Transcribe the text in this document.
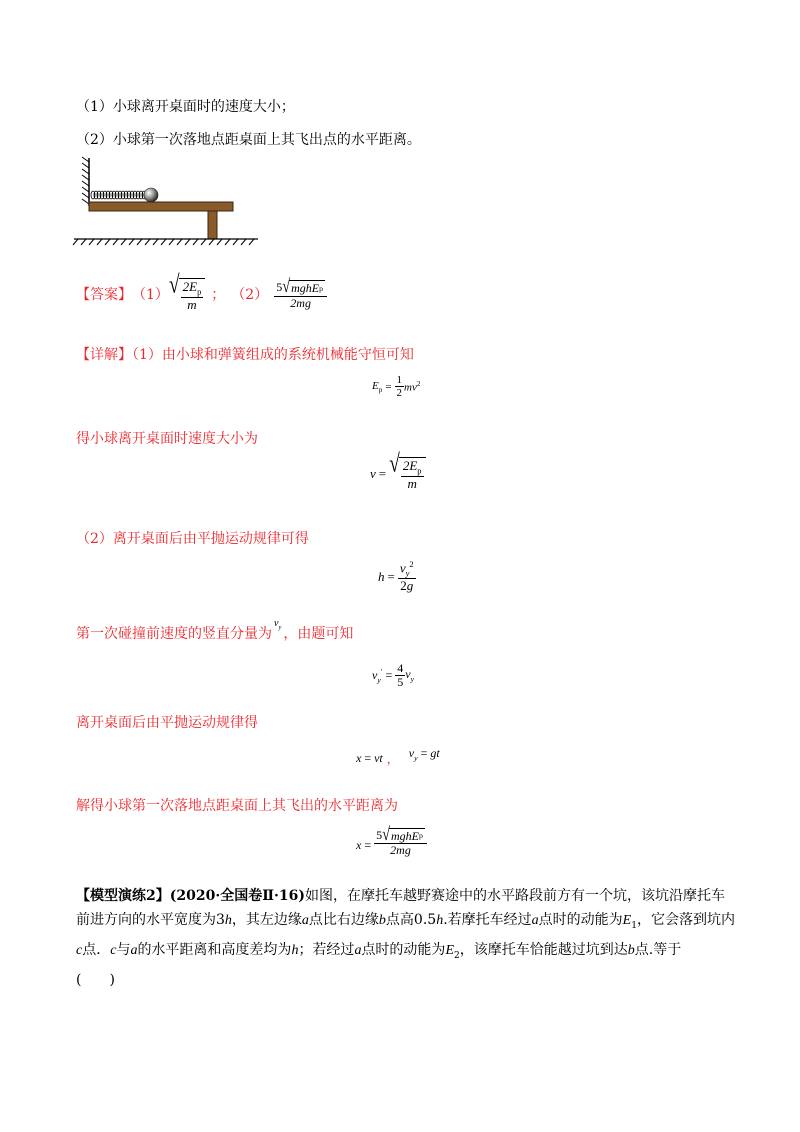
（1）小球离开桌面时的速度大小；
（2）小球第一次落地点距桌面上其飞出点的水平距离。
【答案】 （1） √ $\frac{2E_p}{m}$ ； $(2) \frac{\text{5 √ mghE p}}{2mg}$
【详解】（1）由小球和弹簧组成的系统机械能守恒可知
$E_p = \frac{1}{2} mv^2$
得小球离开桌面时速度大小为
v = √ $\frac{2E_p}{m}$
（2）离开桌面后由平抛运动规律可得
$h = \frac{v_y^2}{2g}$
第一次碰撞前速度的竖直分量为$^{v_y}$ ，由题可知
$v_y' = \frac{4}{5} v_y$
离开桌面后由平抛运动规律得
x = vt ， $v_y$ = gt
解得小球第一次落地点距桌面上其飞出的水平距离为
$x = \frac{\text{5 √ mghE p}}{2mg}$
【模型演练2】(2020·全国卷Ⅱ·16)如图，在摩托车越野赛途中的水平路段前方有一个坑，该坑沿摩托车前进方向的水平宽度为3h，其左边缘a点比右边缘b点高0.5h.若摩托车经过a点时的动能为$E_1$，它会落到坑内c点．c与a的水平距离和高度差均为h；若经过a点时的动能为$E_2$，该摩托车恰能越过坑到达b点.等于
(　　)
